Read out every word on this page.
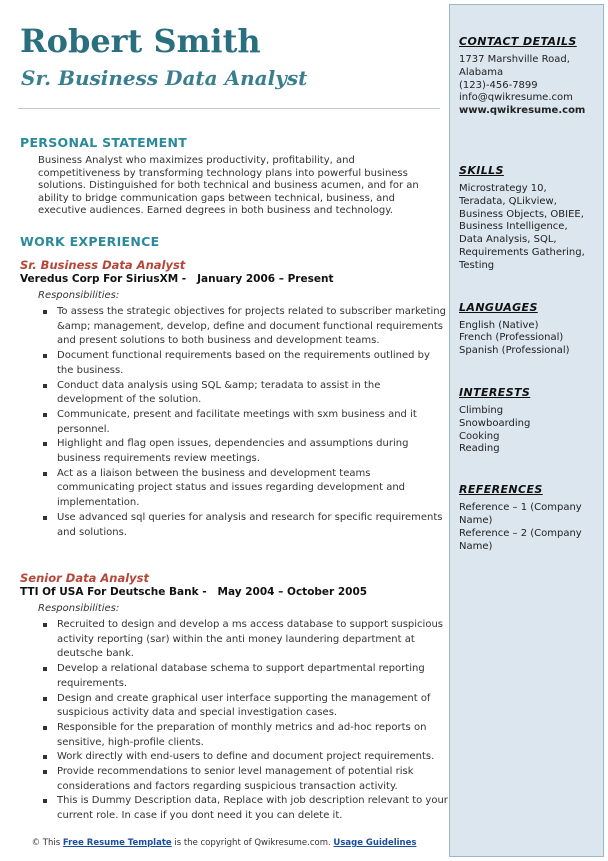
Robert Smith
Sr. Business Data Analyst
PERSONAL STATEMENT
Business Analyst who maximizes productivity, profitability, and competitiveness by transforming technology plans into powerful business solutions. Distinguished for both technical and business acumen, and for an ability to bridge communication gaps between technical, business, and executive audiences. Earned degrees in both business and technology.
WORK EXPERIENCE
Sr. Business Data Analyst
Veredus Corp For SiriusXM - January 2006 – Present
Responsibilities:
To assess the strategic objectives for projects related to subscriber marketing &amp; management, develop, define and document functional requirements and present solutions to both business and development teams.
Document functional requirements based on the requirements outlined by the business.
Conduct data analysis using SQL &amp; teradata to assist in the development of the solution.
Communicate, present and facilitate meetings with sxm business and it personnel.
Highlight and flag open issues, dependencies and assumptions during business requirements review meetings.
Act as a liaison between the business and development teams communicating project status and issues regarding development and implementation.
Use advanced sql queries for analysis and research for specific requirements and solutions.
Senior Data Analyst
TTI Of USA For Deutsche Bank - May 2004 – October 2005
Responsibilities:
Recruited to design and develop a ms access database to support suspicious activity reporting (sar) within the anti money laundering department at deutsche bank.
Develop a relational database schema to support departmental reporting requirements.
Design and create graphical user interface supporting the management of suspicious activity data and special investigation cases.
Responsible for the preparation of monthly metrics and ad-hoc reports on sensitive, high-profile clients.
Work directly with end-users to define and document project requirements.
Provide recommendations to senior level management of potential risk considerations and factors regarding suspicious transaction activity.
This is Dummy Description data, Replace with job description relevant to your current role. In case if you dont need it you can delete it.
CONTACT DETAILS
1737 Marshville Road,
Alabama
(123)-456-7899
info@qwikresume.com
www.qwikresume.com
SKILLS
Microstrategy 10,
Teradata, QLikview,
Business Objects, OBIEE,
Business Intelligence,
Data Analysis, SQL,
Requirements Gathering,
Testing
LANGUAGES
English (Native)
French (Professional)
Spanish (Professional)
INTERESTS
Climbing
Snowboarding
Cooking
Reading
REFERENCES
Reference – 1 (Company
Name)
Reference – 2 (Company
Name)
© This Free Resume Template is the copyright of Qwikresume.com. Usage Guidelines
